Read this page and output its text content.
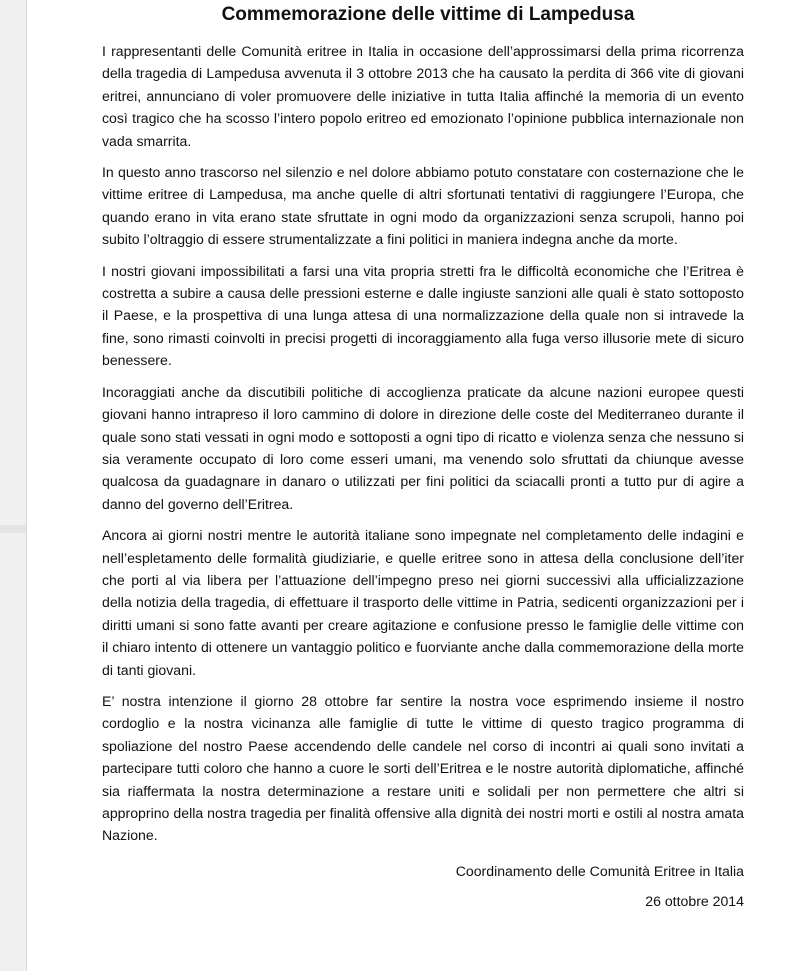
Commemorazione delle vittime di Lampedusa

I rappresentanti delle Comunità eritree in Italia in occasione dell’approssimarsi della prima ricorrenza della tragedia di Lampedusa avvenuta il 3 ottobre 2013 che ha causato la perdita di 366 vite di giovani eritrei, annunciano di voler promuovere delle iniziative in tutta Italia affinché la memoria di un evento così tragico che ha scosso l’intero popolo eritreo ed emozionato l’opinione pubblica internazionale non vada smarrita.

In questo anno trascorso nel silenzio e nel dolore abbiamo potuto constatare con costernazione che le vittime eritree di Lampedusa, ma anche quelle di altri sfortunati tentativi di raggiungere l’Europa, che quando erano in vita erano state sfruttate in ogni modo da organizzazioni senza scrupoli, hanno poi subito l’oltraggio di essere strumentalizzate a fini politici in maniera indegna anche da morte.

I nostri giovani impossibilitati a farsi una vita propria stretti fra le difficoltà economiche che l’Eritrea è costretta a subire a causa delle pressioni esterne e dalle ingiuste sanzioni alle quali è stato sottoposto il Paese, e la prospettiva di una lunga attesa di una normalizzazione della quale non si intravede la fine, sono rimasti coinvolti in precisi progetti di incoraggiamento alla fuga verso illusorie mete di sicuro benessere.

Incoraggiati anche da discutibili politiche di accoglienza praticate da alcune nazioni europee questi giovani hanno intrapreso il loro cammino di dolore in direzione delle coste del Mediterraneo durante il quale sono stati vessati in ogni modo e sottoposti a ogni tipo di ricatto e violenza senza che nessuno si sia veramente occupato di loro come esseri umani, ma venendo solo sfruttati da chiunque avesse qualcosa da guadagnare in danaro o utilizzati per fini politici da sciacalli pronti a tutto pur di agire a danno del governo dell’Eritrea.

Ancora ai giorni nostri mentre le autorità italiane sono impegnate nel completamento delle indagini e nell’espletamento delle formalità giudiziarie, e quelle eritree sono in attesa della conclusione dell’iter che porti al via libera per l’attuazione dell’impegno preso nei giorni successivi alla ufficializzazione della notizia della tragedia, di effettuare il trasporto delle vittime in Patria, sedicenti organizzazioni per i diritti umani si sono fatte avanti per creare agitazione e confusione presso le famiglie delle vittime con il chiaro intento di ottenere un vantaggio politico e fuorviante anche dalla commemorazione della morte di tanti giovani.

E’ nostra intenzione il giorno 28 ottobre far sentire la nostra voce esprimendo insieme il nostro cordoglio e la nostra vicinanza alle famiglie di tutte le vittime di questo tragico programma di spoliazione del nostro Paese accendendo delle candele nel corso di incontri ai quali sono invitati a partecipare tutti coloro che hanno a cuore le sorti dell’Eritrea e le nostre autorità diplomatiche, affinché sia riaffermata la nostra determinazione a restare uniti e solidali per non permettere che altri si approprino della nostra tragedia per finalità offensive alla dignità dei nostri morti e ostili al nostra amata Nazione.

Coordinamento delle Comunità Eritree in Italia

26 ottobre 2014
